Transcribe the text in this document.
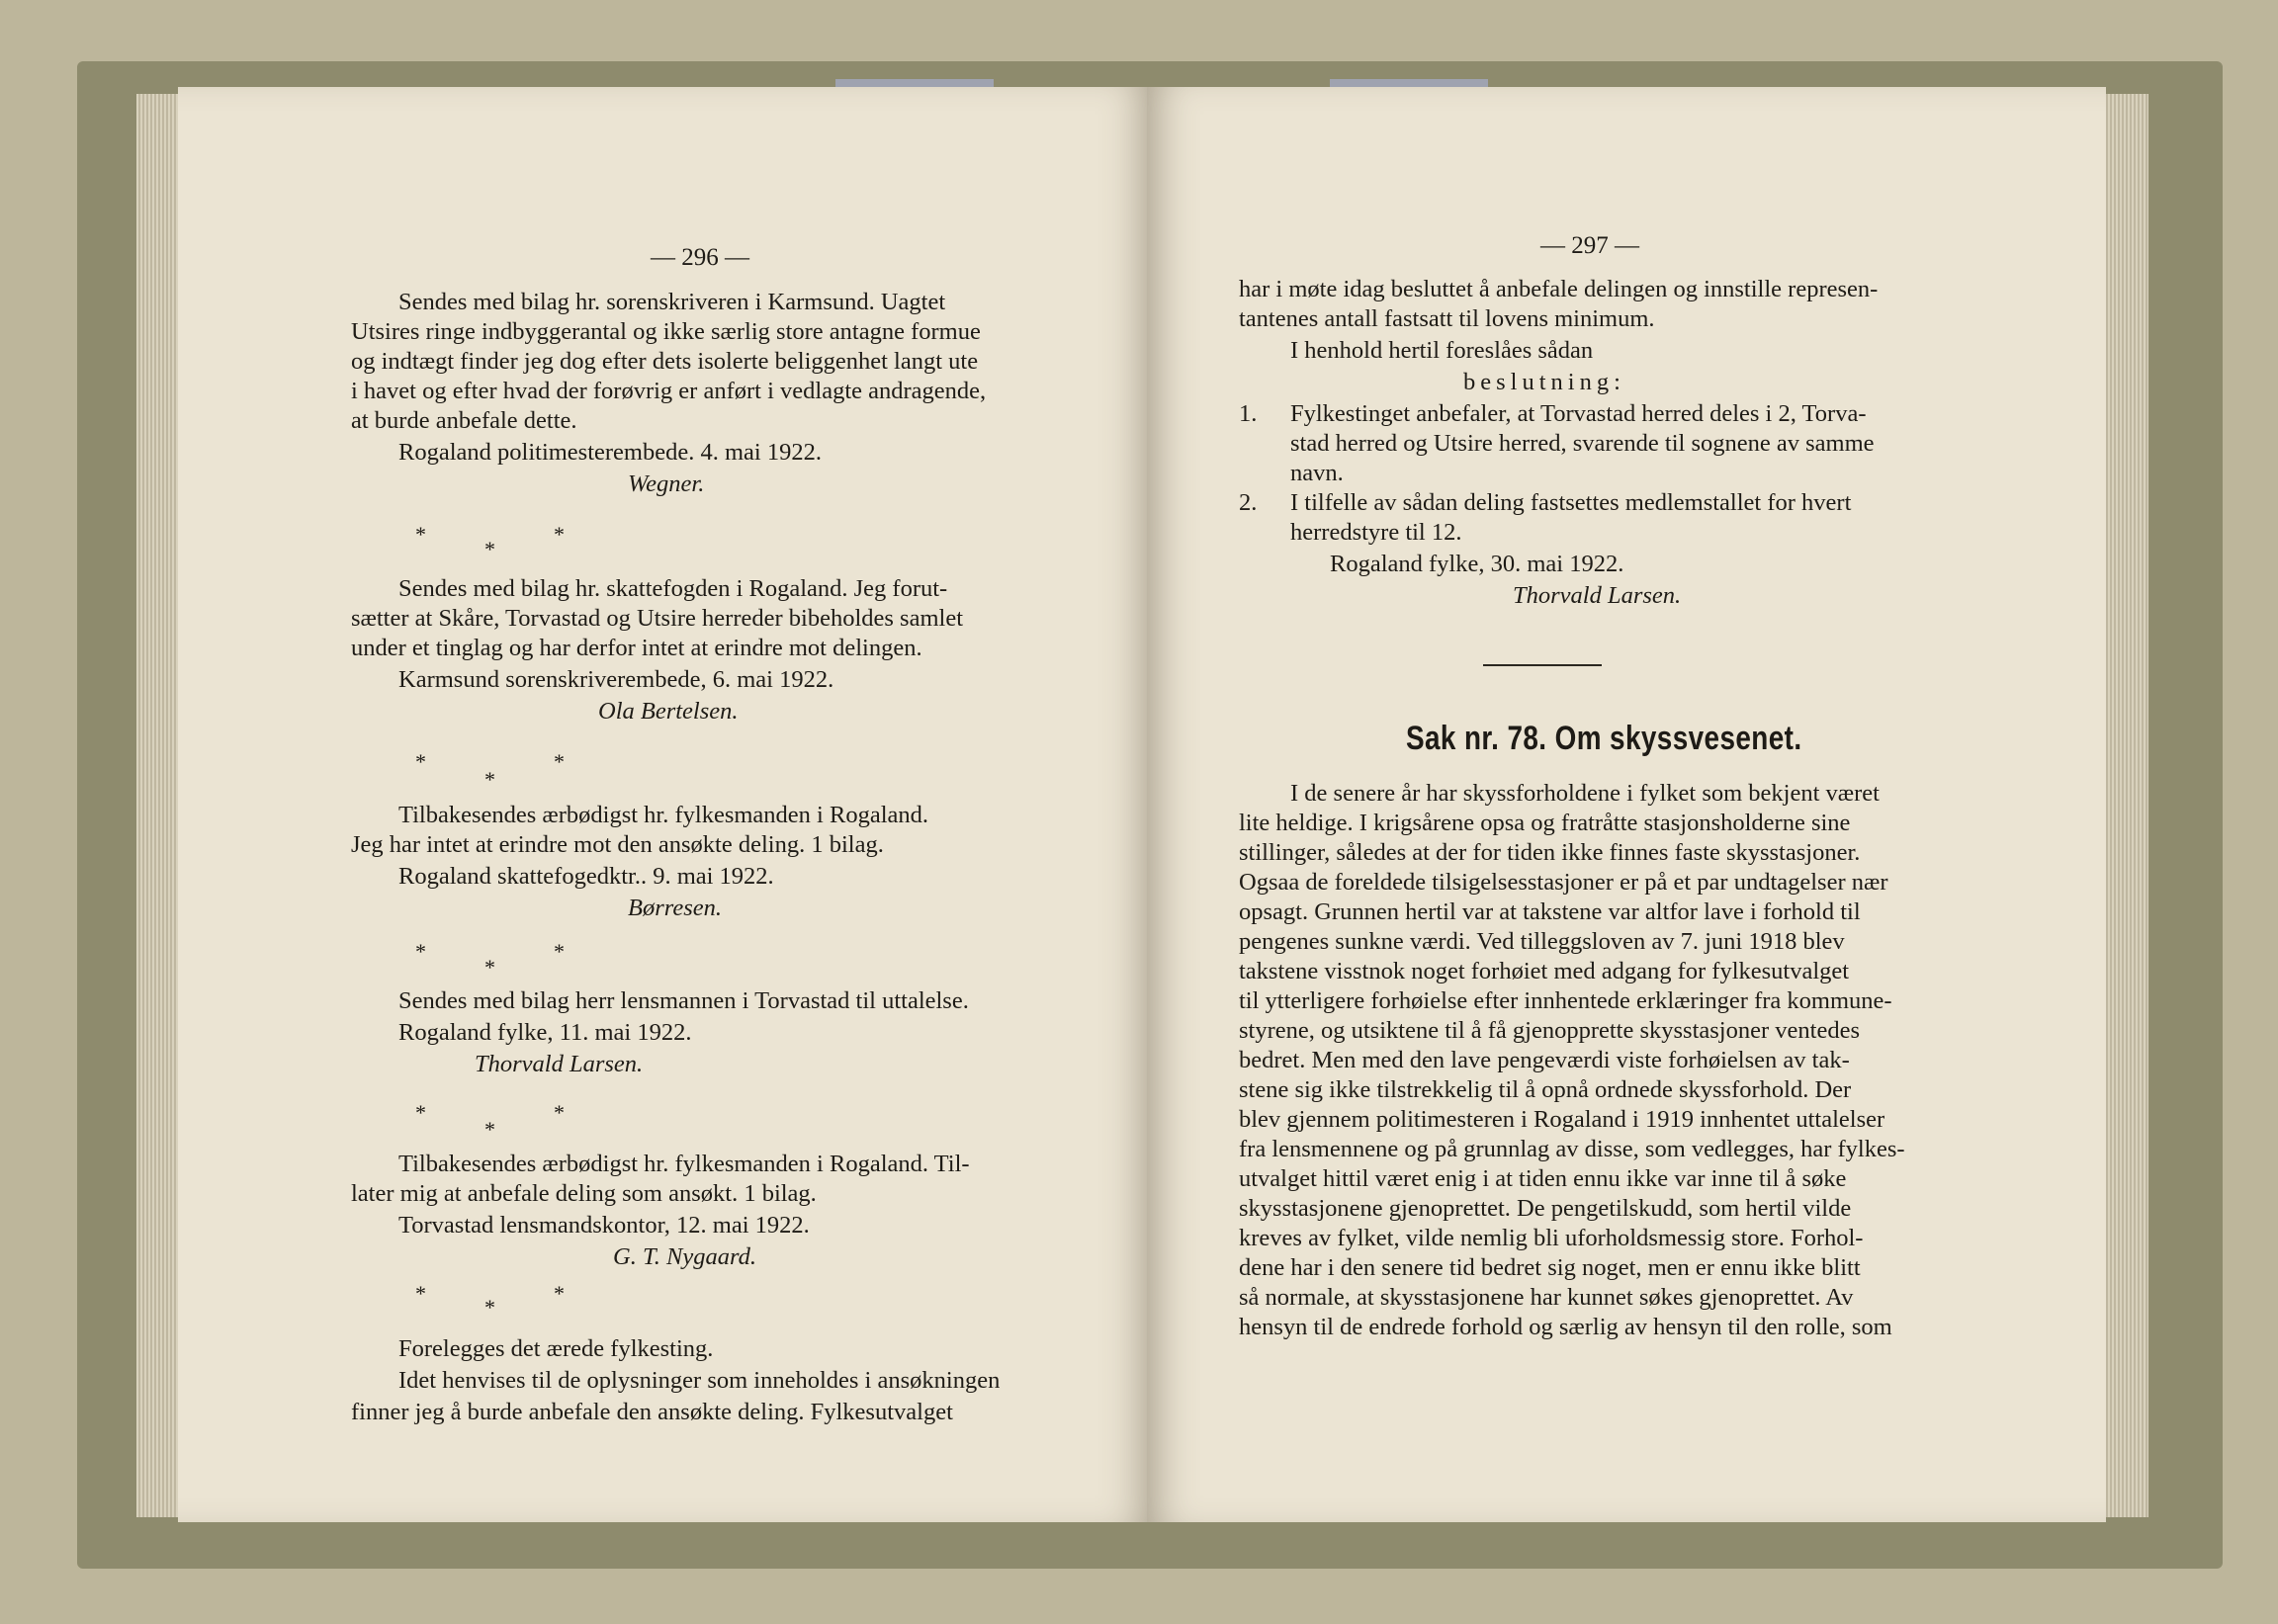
— 296 —
Sendes med bilag hr. sorenskriveren i Karmsund. Uagtet
Utsires ringe indbyggerantal og ikke særlig store antagne formue
og indtægt finder jeg dog efter dets isolerte beliggenhet langt ute
i havet og efter hvad der forøvrig er anført i vedlagte andragende,
at burde anbefale dette.
Rogaland politimesterembede. 4. mai 1922.
Wegner.
*
*
*
Sendes med bilag hr. skattefogden i Rogaland. Jeg forut-
sætter at Skåre, Torvastad og Utsire herreder bibeholdes samlet
under et tinglag og har derfor intet at erindre mot delingen.
Karmsund sorenskriverembede, 6. mai 1922.
Ola Bertelsen.
*
*
*
Tilbakesendes ærbødigst hr. fylkesmanden i Rogaland.
Jeg har intet at erindre mot den ansøkte deling. 1 bilag.
Rogaland skattefogedktr.. 9. mai 1922.
Børresen.
*
*
*
Sendes med bilag herr lensmannen i Torvastad til uttalelse.
Rogaland fylke, 11. mai 1922.
Thorvald Larsen.
*
*
*
Tilbakesendes ærbødigst hr. fylkesmanden i Rogaland. Til-
later mig at anbefale deling som ansøkt. 1 bilag.
Torvastad lensmandskontor, 12. mai 1922.
G. T. Nygaard.
*
*
*
Forelegges det ærede fylkesting.
Idet henvises til de oplysninger som inneholdes i ansøkningen
finner jeg å burde anbefale den ansøkte deling. Fylkesutvalget
— 297 —
har i møte idag besluttet å anbefale delingen og innstille represen-
tantenes antall fastsatt til lovens minimum.
I henhold hertil foreslåes sådan
beslutning:
1. Fylkestinget anbefaler, at Torvastad herred deles i 2, Torva-
stad herred og Utsire herred, svarende til sognene av samme
navn.
2. I tilfelle av sådan deling fastsettes medlemstallet for hvert
herredstyre til 12.
Rogaland fylke, 30. mai 1922.
Thorvald Larsen.
Sak nr. 78. Om skyssvesenet.
I de senere år har skyssforholdene i fylket som bekjent været
lite heldige. I krigsårene opsa og fratråtte stasjonsholderne sine
stillinger, således at der for tiden ikke finnes faste skysstasjoner.
Ogsaa de foreldede tilsigelsesstasjoner er på et par undtagelser nær
opsagt. Grunnen hertil var at takstene var altfor lave i forhold til
pengenes sunkne værdi. Ved tilleggsloven av 7. juni 1918 blev
takstene visstnok noget forhøiet med adgang for fylkesutvalget
til ytterligere forhøielse efter innhentede erklæringer fra kommune-
styrene, og utsiktene til å få gjenopprette skysstasjoner ventedes
bedret. Men med den lave pengeværdi viste forhøielsen av tak-
stene sig ikke tilstrekkelig til å opnå ordnede skyssforhold. Der
blev gjennem politimesteren i Rogaland i 1919 innhentet uttalelser
fra lensmennene og på grunnlag av disse, som vedlegges, har fylkes-
utvalget hittil været enig i at tiden ennu ikke var inne til å søke
skysstasjonene gjenoprettet. De pengetilskudd, som hertil vilde
kreves av fylket, vilde nemlig bli uforholdsmessig store. Forhol-
dene har i den senere tid bedret sig noget, men er ennu ikke blitt
så normale, at skysstasjonene har kunnet søkes gjenoprettet. Av
hensyn til de endrede forhold og særlig av hensyn til den rolle, som
